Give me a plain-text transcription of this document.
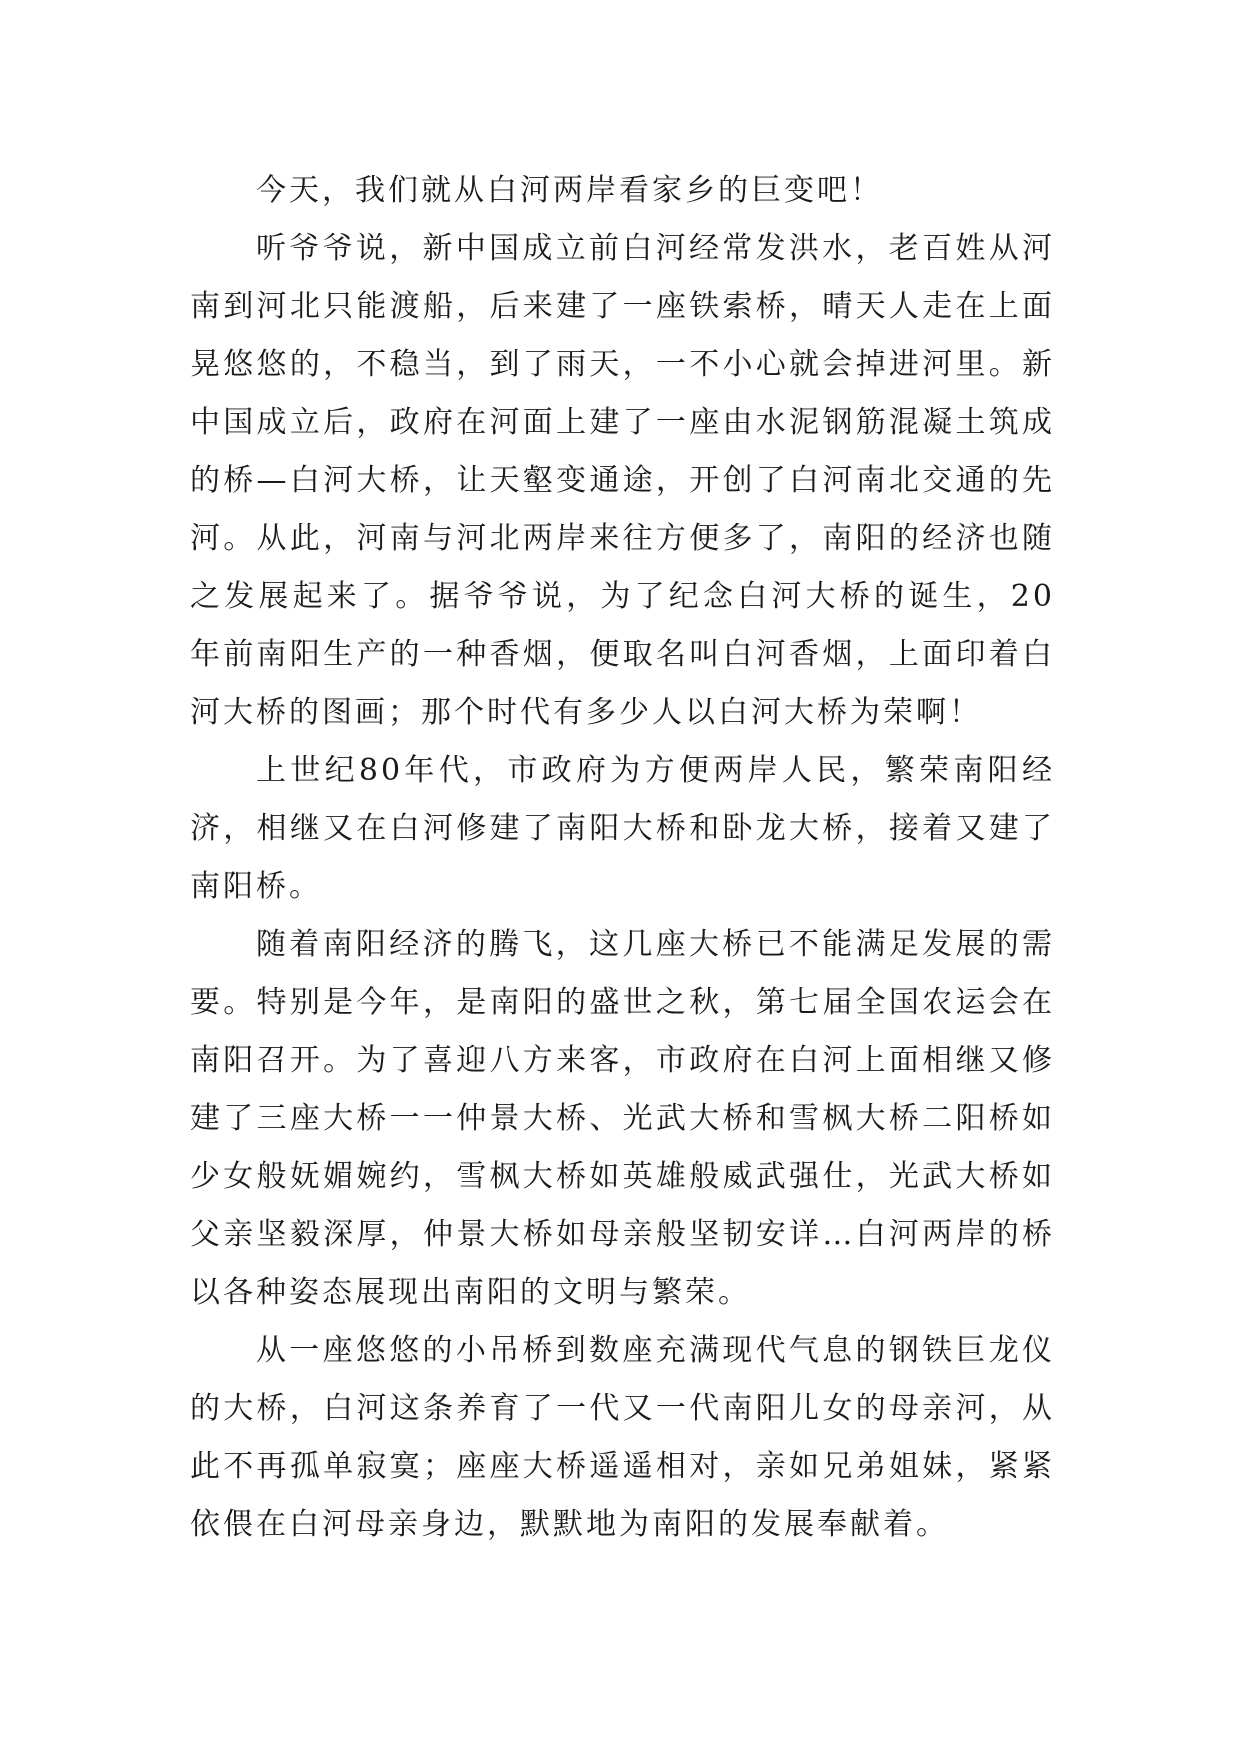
今天，我们就从白河两岸看家乡的巨变吧！

听爷爷说，新中国成立前白河经常发洪水，老百姓从河南到河北只能渡船，后来建了一座铁索桥，晴天人走在上面晃悠悠的，不稳当，到了雨天，一不小心就会掉进河里。新中国成立后，政府在河面上建了一座由水泥钢筋混凝土筑成的桥—白河大桥，让天壑变通途，开创了白河南北交通的先河。从此，河南与河北两岸来往方便多了，南阳的经济也随之发展起来了。据爷爷说，为了纪念白河大桥的诞生，20年前南阳生产的一种香烟，便取名叫白河香烟，上面印着白河大桥的图画；那个时代有多少人以白河大桥为荣啊！

上世纪80年代，市政府为方便两岸人民，繁荣南阳经济，相继又在白河修建了南阳大桥和卧龙大桥，接着又建了南阳桥。

随着南阳经济的腾飞，这几座大桥已不能满足发展的需要。特别是今年，是南阳的盛世之秋，第七届全国农运会在南阳召开。为了喜迎八方来客，市政府在白河上面相继又修建了三座大桥一一仲景大桥、光武大桥和雪枫大桥二阳桥如少女般妩媚婉约，雪枫大桥如英雄般威武强仕，光武大桥如父亲坚毅深厚，仲景大桥如母亲般坚韧安详…白河两岸的桥以各种姿态展现出南阳的文明与繁荣。

从一座悠悠的小吊桥到数座充满现代气息的钢铁巨龙仪的大桥，白河这条养育了一代又一代南阳儿女的母亲河，从此不再孤单寂寞；座座大桥遥遥相对，亲如兄弟姐妹，紧紧依偎在白河母亲身边，默默地为南阳的发展奉献着。
